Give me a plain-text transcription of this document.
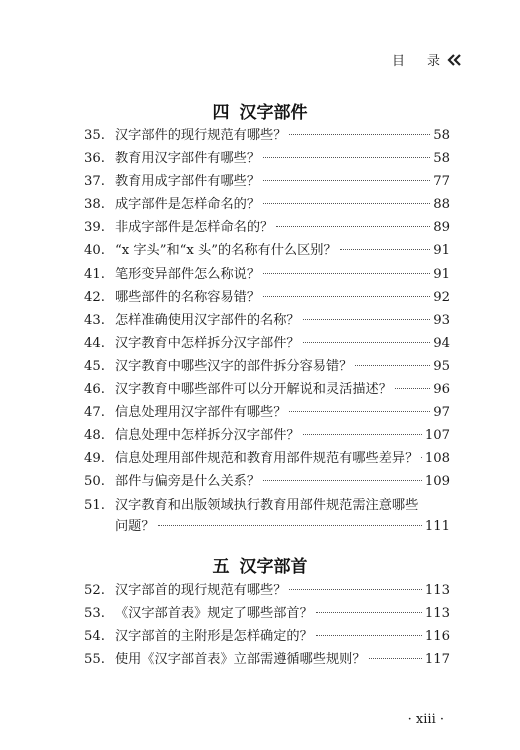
目 录
四 汉字部件
35. 汉字部件的现行规范有哪些？	58
36. 教育用汉字部件有哪些？	58
37. 教育用成字部件有哪些？	77
38. 成字部件是怎样命名的？	88
39. 非成字部件是怎样命名的？	89
40. “ⅹ 字头”和“ⅹ 头”的名称有什么区别？	91
41. 笔形变异部件怎么称说？	91
42. 哪些部件的名称容易错？	92
43. 怎样准确使用汉字部件的名称？	93
44. 汉字教育中怎样拆分汉字部件？	94
45. 汉字教育中哪些汉字的部件拆分容易错？	95
46. 汉字教育中哪些部件可以分开解说和灵活描述？	96
47. 信息处理用汉字部件有哪些？	97
48. 信息处理中怎样拆分汉字部件？	107
49. 信息处理用部件规范和教育用部件规范有哪些差异？ 108
50. 部件与偏旁是什么关系？	109
51. 汉字教育和出版领域执行教育用部件规范需注意哪些
问题？	111
五 汉字部首
52. 汉字部首的现行规范有哪些？	113
53. 《汉字部首表》规定了哪些部首？	113
54. 汉字部首的主附形是怎样确定的？	116
55. 使用《汉字部首表》立部需遵循哪些规则？	117
· xiii ·
